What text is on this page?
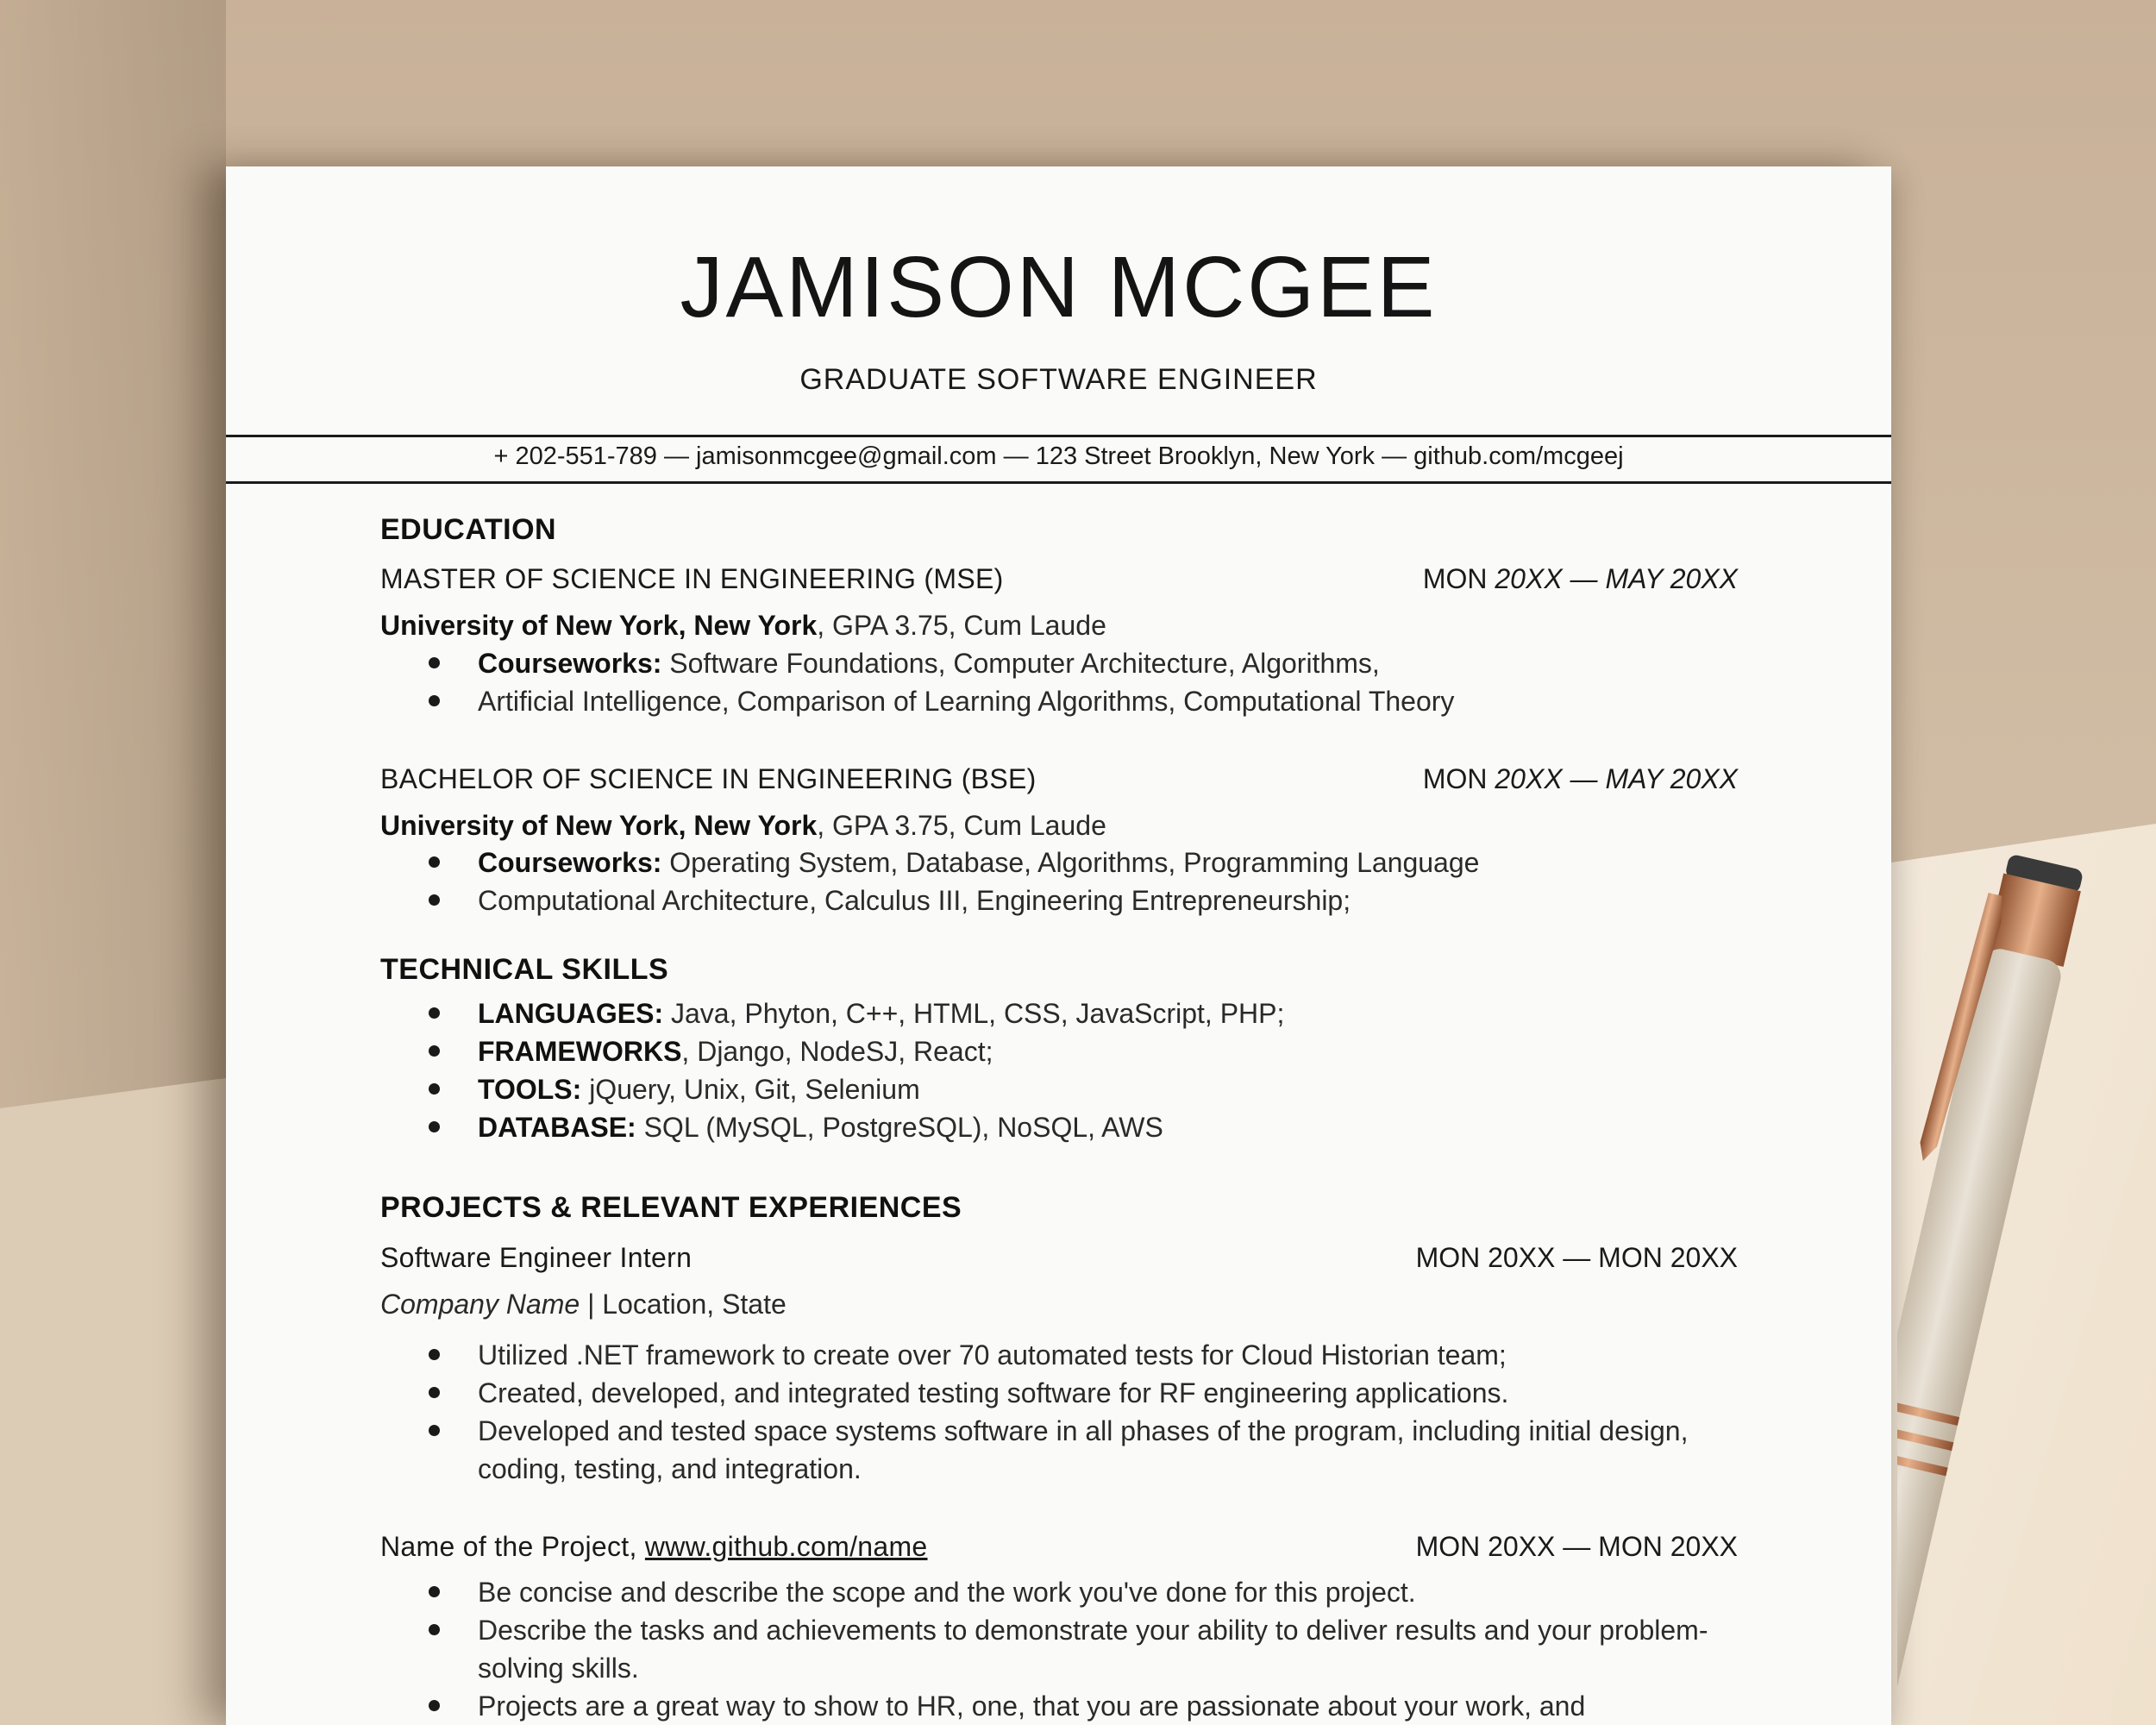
JAMISON MCGEE
GRADUATE SOFTWARE ENGINEER
+ 202-551-789 — jamisonmcgee@gmail.com — 123 Street Brooklyn, New York — github.com/mcgeej
EDUCATION
MASTER OF SCIENCE IN ENGINEERING (MSE)	MON 20XX — MAY 20XX
University of New York, New York, GPA 3.75, Cum Laude
Courseworks: Software Foundations, Computer Architecture, Algorithms,
Artificial Intelligence, Comparison of Learning Algorithms, Computational Theory
BACHELOR OF SCIENCE IN ENGINEERING (BSE)	MON 20XX — MAY 20XX
University of New York, New York, GPA 3.75, Cum Laude
Courseworks: Operating System, Database, Algorithms, Programming Language
Computational Architecture, Calculus III, Engineering Entrepreneurship;
TECHNICAL SKILLS
LANGUAGES: Java, Phyton, C++, HTML, CSS, JavaScript, PHP;
FRAMEWORKS, Django, NodeSJ, React;
TOOLS: jQuery, Unix, Git, Selenium
DATABASE: SQL (MySQL, PostgreSQL), NoSQL, AWS
PROJECTS & RELEVANT EXPERIENCES
Software Engineer Intern	MON 20XX — MON 20XX
Company Name | Location, State
Utilized .NET framework to create over 70 automated tests for Cloud Historian team;
Created, developed, and integrated testing software for RF engineering applications.
Developed and tested space systems software in all phases of the program, including initial design, coding, testing, and integration.
Name of the Project, www.github.com/name	MON 20XX — MON 20XX
Be concise and describe the scope and the work you've done for this project.
Describe the tasks and achievements to demonstrate your ability to deliver results and your problem-solving skills.
Projects are a great way to show to HR, one, that you are passionate about your work, and
